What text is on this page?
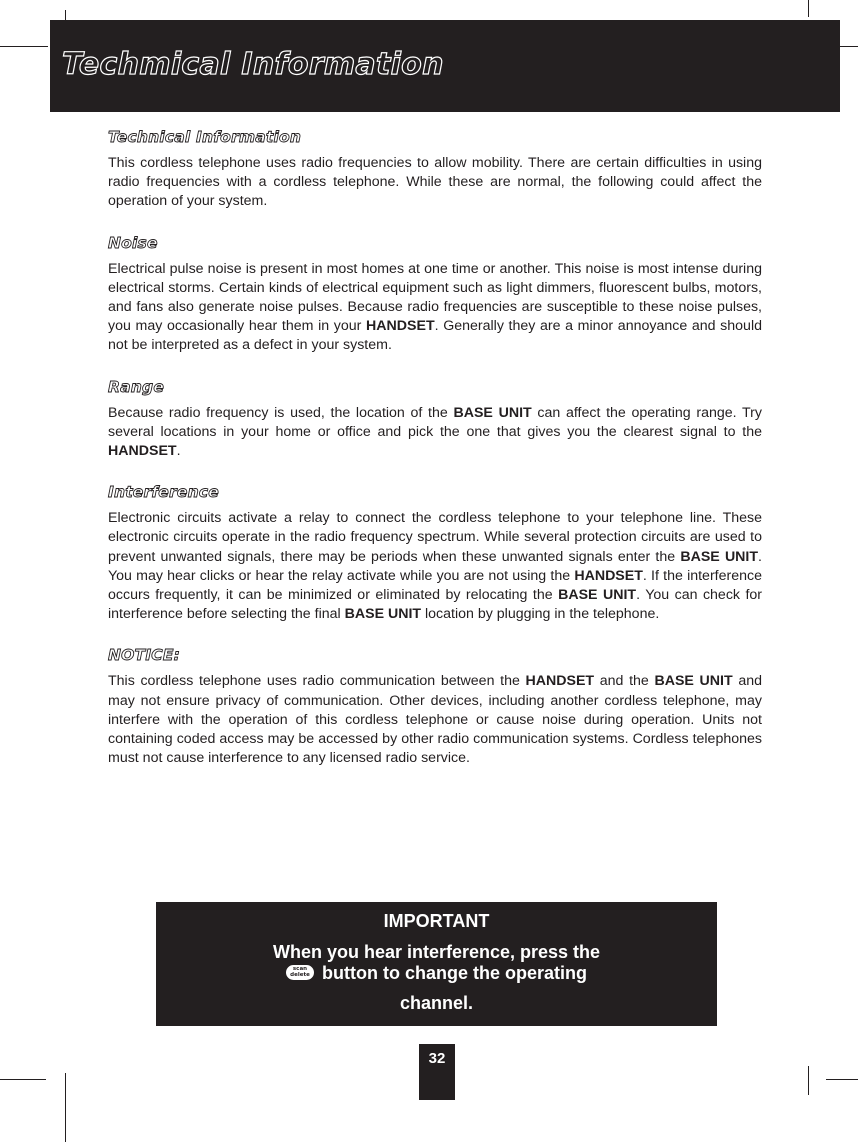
Techmical Information
Technical Information

This cordless telephone uses radio frequencies to allow mobility. There are certain difficulties in using radio frequencies with a cordless telephone. While these are normal, the following could affect the operation of your system.

Noise

Electrical pulse noise is present in most homes at one time or another. This noise is most intense during electrical storms. Certain kinds of electrical equipment such as light dimmers, fluorescent bulbs, motors, and fans also generate noise pulses. Because radio frequencies are susceptible to these noise pulses, you may occasionally hear them in your HANDSET. Generally they are a minor annoyance and should not be interpreted as a defect in your system.

Range

Because radio frequency is used, the location of the BASE UNIT can affect the operating range. Try several locations in your home or office and pick the one that gives you the clearest signal to the HANDSET.

Interference

Electronic circuits activate a relay to connect the cordless telephone to your telephone line. These electronic circuits operate in the radio frequency spectrum. While several protection circuits are used to prevent unwanted signals, there may be periods when these unwanted signals enter the BASE UNIT. You may hear clicks or hear the relay activate while you are not using the HANDSET. If the interference occurs frequently, it can be minimized or eliminated by relocating the BASE UNIT. You can check for interference before selecting the final BASE UNIT location by plugging in the telephone.

NOTICE:

This cordless telephone uses radio communication between the HANDSET and the BASE UNIT and may not ensure privacy of communication. Other devices, including another cordless telephone, may interfere with the operation of this cordless telephone or cause noise during operation. Units not containing coded access may be accessed by other radio communication systems. Cordless telephones must not cause interference to any licensed radio service.

IMPORTANT
When you hear interference, press the
scan
delete button to change the operating
channel.
32
